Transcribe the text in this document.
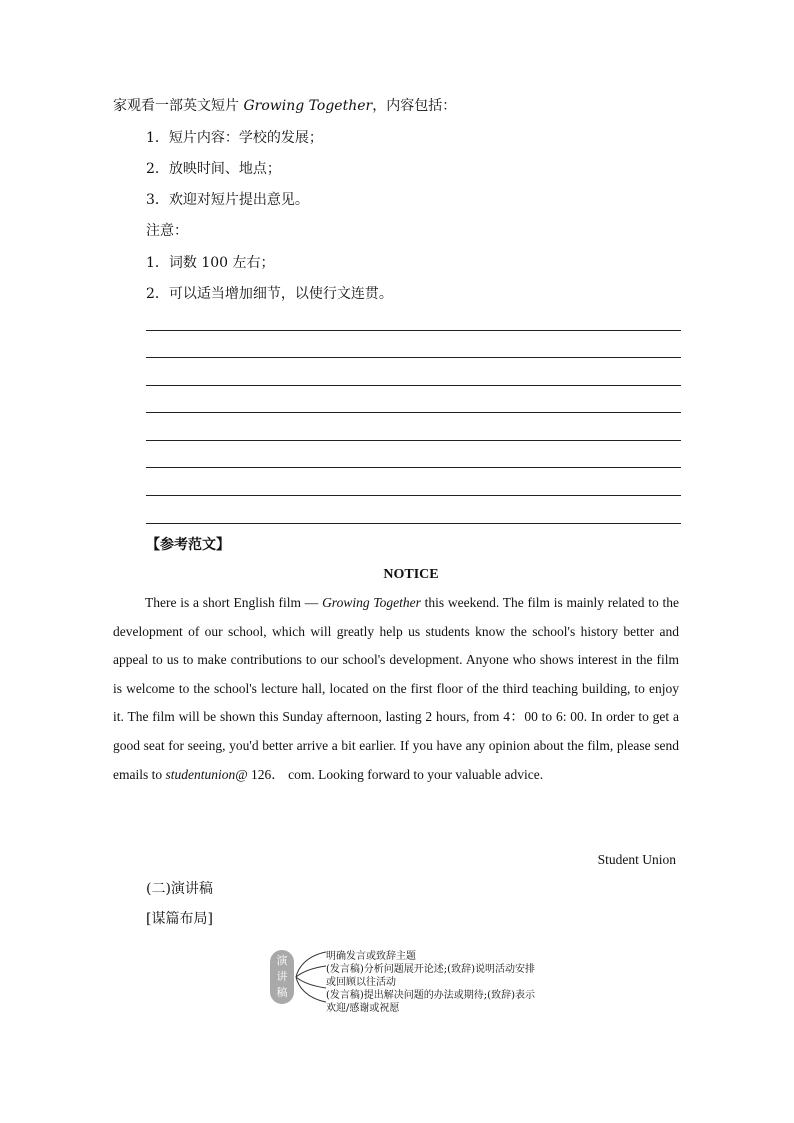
家观看一部英文短片 Growing Together，内容包括：
1．短片内容：学校的发展；
2．放映时间、地点；
3．欢迎对短片提出意见。
注意：
1．词数 100 左右；
2．可以适当增加细节，以使行文连贯。
【参考范文】
NOTICE
There is a short English film — Growing Together this weekend. The film is mainly related to the development of our school, which will greatly help us students know the school's history better and appeal to us to make contributions to our school's development. Anyone who shows interest in the film is welcome to the school's lecture hall, located on the first floor of the third teaching building, to enjoy it. The film will be shown this Sunday afternoon, lasting 2 hours, from 4：00 to 6: 00. In order to get a good seat for seeing, you'd better arrive a bit earlier. If you have any opinion about the film, please send emails to studentunion@ 126． com. Looking forward to your valuable advice.
Student Union
(二)演讲稿
[谋篇布局]
演
讲
稿
明确发言或致辞主题
(发言稿)分析问题展开论述;(致辞)说明活动安排
或回顾以往活动
(发言稿)提出解决问题的办法或期待;(致辞)表示
欢迎/感谢或祝愿
